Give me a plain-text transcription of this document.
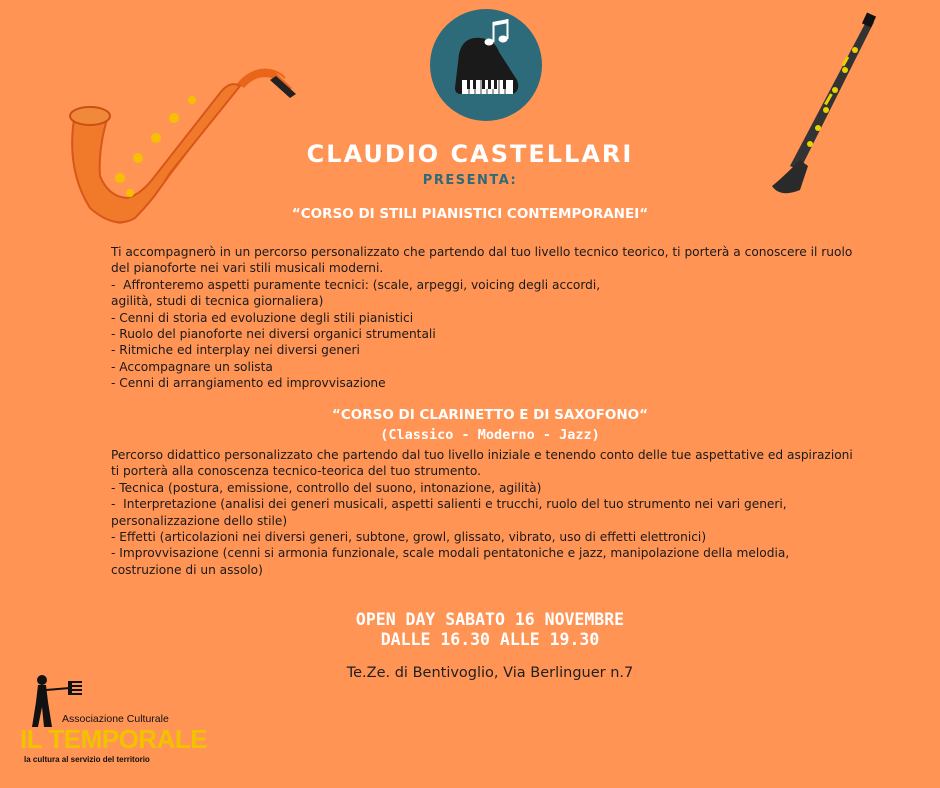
CLAUDIO CASTELLARI
PRESENTA:
“CORSO DI STILI PIANISTICI CONTEMPORANEI“
Ti accompagnerò in un percorso personalizzato che partendo dal tuo livello tecnico teorico, ti porterà a conoscere il ruolo
del pianoforte nei vari stili musicali moderni.
-  Affronteremo aspetti puramente tecnici: (scale, arpeggi, voicing degli accordi,
agilità, studi di tecnica giornaliera)
- Cenni di storia ed evoluzione degli stili pianistici
- Ruolo del pianoforte nei diversi organici strumentali
- Ritmiche ed interplay nei diversi generi
- Accompagnare un solista
- Cenni di arrangiamento ed improvvisazione
“CORSO DI CLARINETTO E DI SAXOFONO“
(Classico - Moderno - Jazz)
Percorso didattico personalizzato che partendo dal tuo livello iniziale e tenendo conto delle tue aspettative ed aspirazioni
ti porterà alla conoscenza tecnico-teorica del tuo strumento.
- Tecnica (postura, emissione, controllo del suono, intonazione, agilità)
-  Interpretazione (analisi dei generi musicali, aspetti salienti e trucchi, ruolo del tuo strumento nei vari generi,
personalizzazione dello stile)
- Effetti (articolazioni nei diversi generi, subtone, growl, glissato, vibrato, uso di effetti elettronici)
- Improvvisazione (cenni si armonia funzionale, scale modali pentatoniche e jazz, manipolazione della melodia,
costruzione di un assolo)
OPEN DAY SABATO 16 NOVEMBRE
DALLE 16.30 ALLE 19.30
Te.Ze. di Bentivoglio, Via Berlinguer n.7
Associazione Culturale
IL TEMPORALE
la cultura al servizio del territorio
